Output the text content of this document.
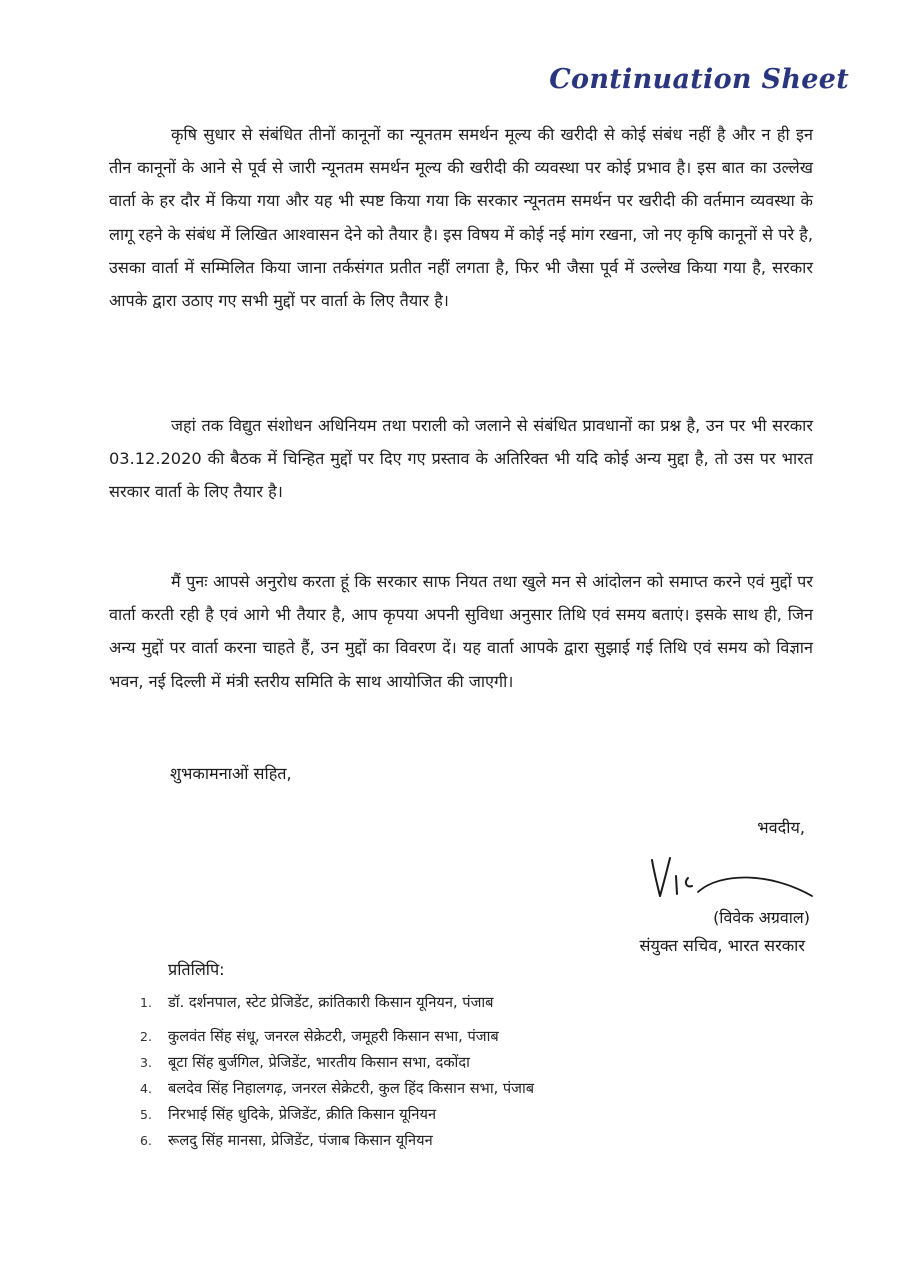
Continuation Sheet

कृषि सुधार से संबंधित तीनों कानूनों का न्यूनतम समर्थन मूल्य की खरीदी से कोई संबंध नहीं है और न ही इन तीन कानूनों के आने से पूर्व से जारी न्यूनतम समर्थन मूल्य की खरीदी की व्यवस्था पर कोई प्रभाव है। इस बात का उल्लेख वार्ता के हर दौर में किया गया और यह भी स्पष्ट किया गया कि सरकार न्यूनतम समर्थन पर खरीदी की वर्तमान व्यवस्था के लागू रहने के संबंध में लिखित आश्वासन देने को तैयार है। इस विषय में कोई नई मांग रखना, जो नए कृषि कानूनों से परे है, उसका वार्ता में सम्मिलित किया जाना तर्कसंगत प्रतीत नहीं लगता है, फिर भी जैसा पूर्व में उल्लेख किया गया है, सरकार आपके द्वारा उठाए गए सभी मुद्दों पर वार्ता के लिए तैयार है।

जहां तक विद्युत संशोधन अधिनियम तथा पराली को जलाने से संबंधित प्रावधानों का प्रश्न है, उन पर भी सरकार 03.12.2020 की बैठक में चिन्हित मुद्दों पर दिए गए प्रस्ताव के अतिरिक्त भी यदि कोई अन्य मुद्दा है, तो उस पर भारत सरकार वार्ता के लिए तैयार है।

मैं पुनः आपसे अनुरोध करता हूं कि सरकार साफ नियत तथा खुले मन से आंदोलन को समाप्त करने एवं मुद्दों पर वार्ता करती रही है एवं आगे भी तैयार है, आप कृपया अपनी सुविधा अनुसार तिथि एवं समय बताएं। इसके साथ ही, जिन अन्य मुद्दों पर वार्ता करना चाहते हैं, उन मुद्दों का विवरण दें। यह वार्ता आपके द्वारा सुझाई गई तिथि एवं समय को विज्ञान भवन, नई दिल्ली में मंत्री स्तरीय समिति के साथ आयोजित की जाएगी।

शुभकामनाओं सहित,
भवदीय,
(विवेक अग्रवाल)
संयुक्त सचिव, भारत सरकार
प्रतिलिपि:
1.	डॉ. दर्शनपाल, स्टेट प्रेजिडेंट, क्रांतिकारी किसान यूनियन, पंजाब
2.	कुलवंत सिंह संधू, जनरल सेक्रेटरी, जमूहरी किसान सभा, पंजाब
3.	बूटा सिंह बुर्जगिल, प्रेजिडेंट, भारतीय किसान सभा, दकोंदा
4.	बलदेव सिंह निहालगढ़, जनरल सेक्रेटरी, कुल हिंद किसान सभा, पंजाब
5.	निरभाई सिंह धुदिके, प्रेजिडेंट, क्रीति किसान यूनियन
6.	रूलदु सिंह मानसा, प्रेजिडेंट, पंजाब किसान यूनियन
